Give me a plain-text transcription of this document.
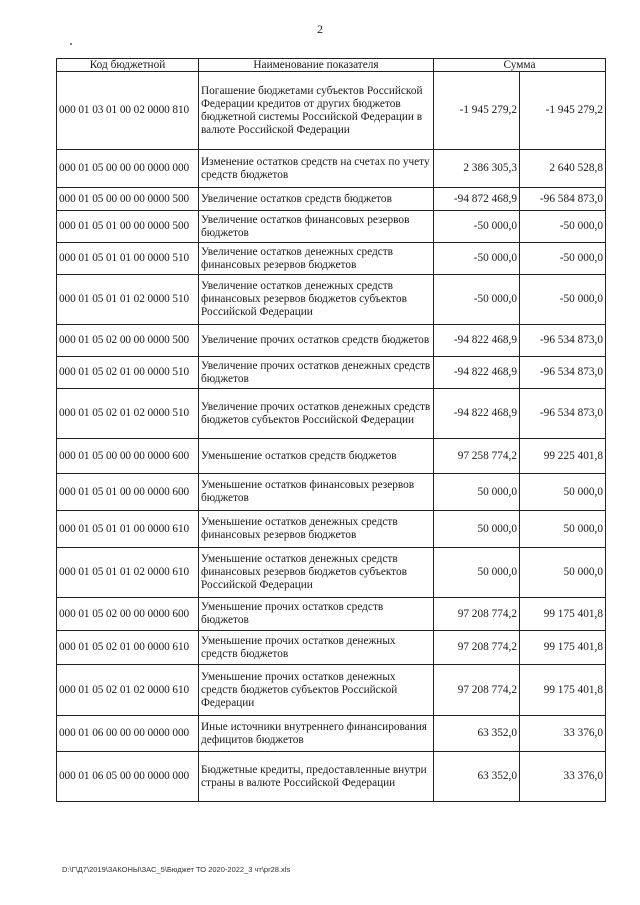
2
Код бюджетной	Наименование показателя	Сумма	
000 01 03 01 00 02 0000 810	Погашение бюджетами субъектов Российской Федерации кредитов от других бюджетов бюджетной системы Российской Федерации в валюте Российской Федерации	-1 945 279,2	-1 945 279,2
000 01 05 00 00 00 0000 000	Изменение остатков средств на счетах по учету средств бюджетов	2 386 305,3	2 640 528,8
000 01 05 00 00 00 0000 500	Увеличение остатков средств бюджетов	-94 872 468,9	-96 584 873,0
000 01 05 01 00 00 0000 500	Увеличение остатков финансовых резервов бюджетов	-50 000,0	-50 000,0
000 01 05 01 01 00 0000 510	Увеличение остатков денежных средств финансовых резервов бюджетов	-50 000,0	-50 000,0
000 01 05 01 01 02 0000 510	Увеличение остатков денежных средств финансовых резервов бюджетов субъектов Российской Федерации	-50 000,0	-50 000,0
000 01 05 02 00 00 0000 500	Увеличение прочих остатков средств бюджетов	-94 822 468,9	-96 534 873,0
000 01 05 02 01 00 0000 510	Увеличение прочих остатков денежных средств бюджетов	-94 822 468,9	-96 534 873,0
000 01 05 02 01 02 0000 510	Увеличение прочих остатков денежных средств бюджетов субъектов Российской Федерации	-94 822 468,9	-96 534 873,0
000 01 05 00 00 00 0000 600	Уменьшение остатков средств бюджетов	97 258 774,2	99 225 401,8
000 01 05 01 00 00 0000 600	Уменьшение остатков финансовых резервов бюджетов	50 000,0	50 000,0
000 01 05 01 01 00 0000 610	Уменьшение остатков денежных средств финансовых резервов бюджетов	50 000,0	50 000,0
000 01 05 01 01 02 0000 610	Уменьшение остатков денежных средств финансовых резервов бюджетов субъектов Российской Федерации	50 000,0	50 000,0
000 01 05 02 00 00 0000 600	Уменьшение прочих остатков средств бюджетов	97 208 774,2	99 175 401,8
000 01 05 02 01 00 0000 610	Уменьшение прочих остатков денежных средств бюджетов	97 208 774,2	99 175 401,8
000 01 05 02 01 02 0000 610	Уменьшение прочих остатков денежных средств бюджетов субъектов Российской Федерации	97 208 774,2	99 175 401,8
000 01 06 00 00 00 0000 000	Иные источники внутреннего финансирования дефицитов бюджетов	63 352,0	33 376,0
000 01 06 05 00 00 0000 000	Бюджетные кредиты, предоставленные внутри страны в валюте Российской Федерации	63 352,0	33 376,0
D:\Г\Д7\2019\ЗАКОНЫ\ЗАС_5\Бюджет ТО 2020-2022_3 чт\pr28.xls
